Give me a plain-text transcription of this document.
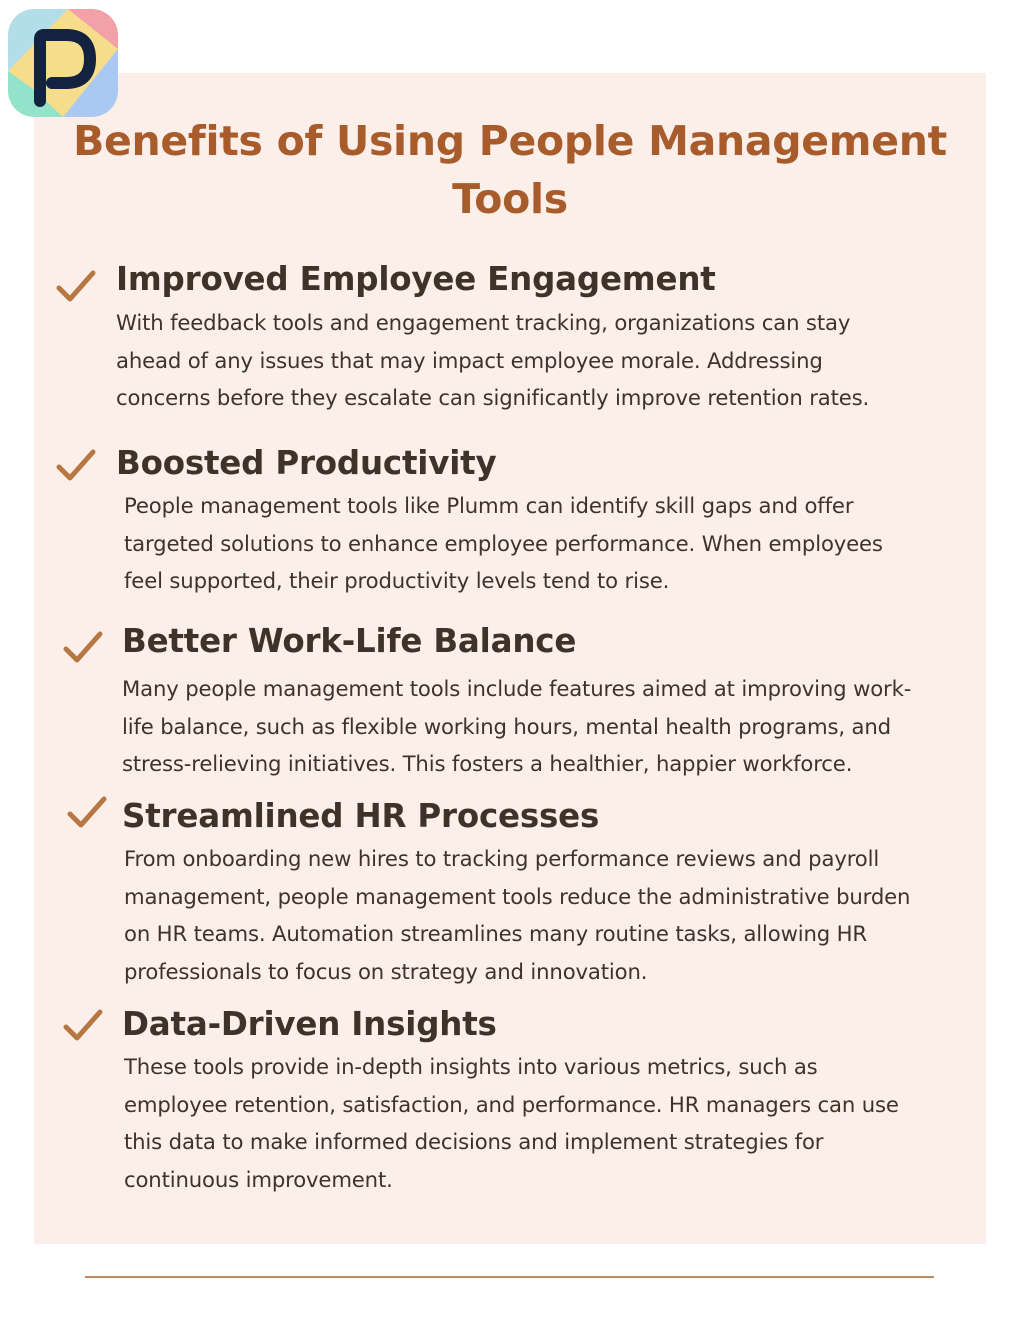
Benefits of Using People Management Tools
Improved Employee Engagement

With feedback tools and engagement tracking, organizations can stay
ahead of any issues that may impact employee morale. Addressing
concerns before they escalate can significantly improve retention rates.

Boosted Productivity

People management tools like Plumm can identify skill gaps and offer
targeted solutions to enhance employee performance. When employees
feel supported, their productivity levels tend to rise.

Better Work-Life Balance

Many people management tools include features aimed at improving work-
life balance, such as flexible working hours, mental health programs, and
stress-relieving initiatives. This fosters a healthier, happier workforce.

Streamlined HR Processes

From onboarding new hires to tracking performance reviews and payroll
management, people management tools reduce the administrative burden
on HR teams. Automation streamlines many routine tasks, allowing HR
professionals to focus on strategy and innovation.

Data-Driven Insights

These tools provide in-depth insights into various metrics, such as
employee retention, satisfaction, and performance. HR managers can use
this data to make informed decisions and implement strategies for
continuous improvement.
